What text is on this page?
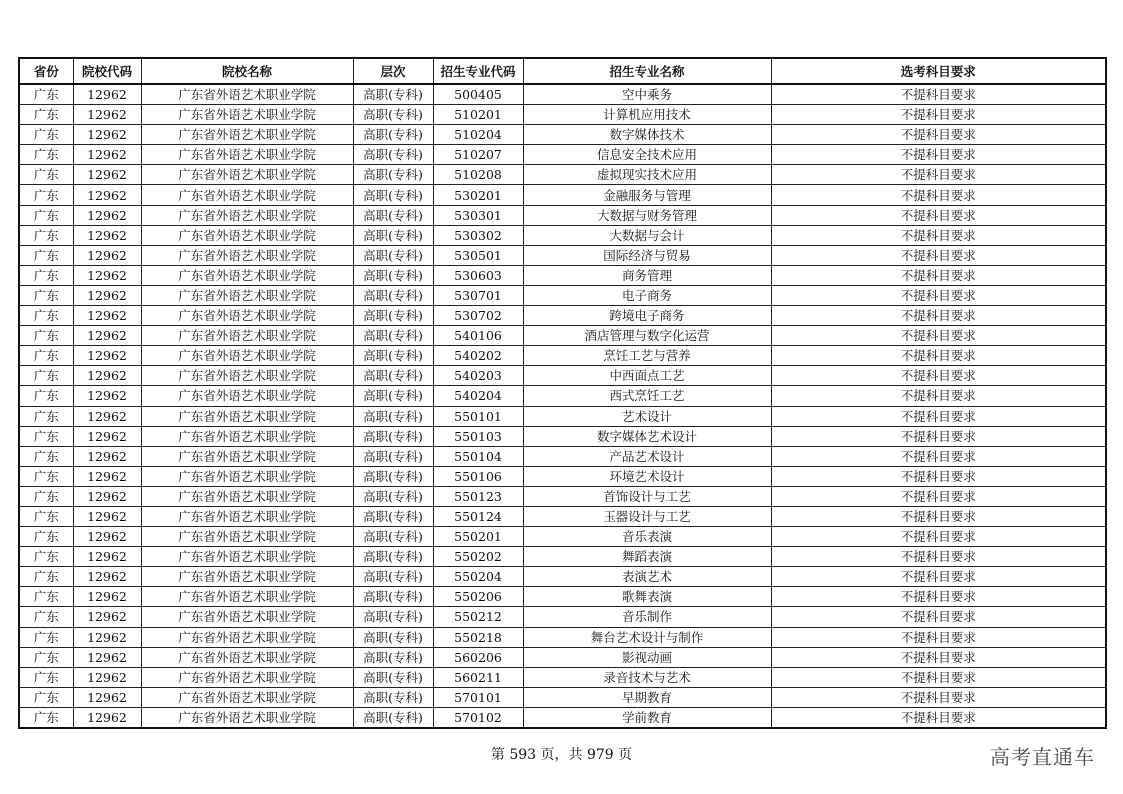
省份	院校代码	院校名称	层次	招生专业代码	招生专业名称	选考科目要求
广东	12962	广东省外语艺术职业学院	高职(专科)	500405	空中乘务	不提科目要求
广东	12962	广东省外语艺术职业学院	高职(专科)	510201	计算机应用技术	不提科目要求
广东	12962	广东省外语艺术职业学院	高职(专科)	510204	数字媒体技术	不提科目要求
广东	12962	广东省外语艺术职业学院	高职(专科)	510207	信息安全技术应用	不提科目要求
广东	12962	广东省外语艺术职业学院	高职(专科)	510208	虚拟现实技术应用	不提科目要求
广东	12962	广东省外语艺术职业学院	高职(专科)	530201	金融服务与管理	不提科目要求
广东	12962	广东省外语艺术职业学院	高职(专科)	530301	大数据与财务管理	不提科目要求
广东	12962	广东省外语艺术职业学院	高职(专科)	530302	大数据与会计	不提科目要求
广东	12962	广东省外语艺术职业学院	高职(专科)	530501	国际经济与贸易	不提科目要求
广东	12962	广东省外语艺术职业学院	高职(专科)	530603	商务管理	不提科目要求
广东	12962	广东省外语艺术职业学院	高职(专科)	530701	电子商务	不提科目要求
广东	12962	广东省外语艺术职业学院	高职(专科)	530702	跨境电子商务	不提科目要求
广东	12962	广东省外语艺术职业学院	高职(专科)	540106	酒店管理与数字化运营	不提科目要求
广东	12962	广东省外语艺术职业学院	高职(专科)	540202	烹饪工艺与营养	不提科目要求
广东	12962	广东省外语艺术职业学院	高职(专科)	540203	中西面点工艺	不提科目要求
广东	12962	广东省外语艺术职业学院	高职(专科)	540204	西式烹饪工艺	不提科目要求
广东	12962	广东省外语艺术职业学院	高职(专科)	550101	艺术设计	不提科目要求
广东	12962	广东省外语艺术职业学院	高职(专科)	550103	数字媒体艺术设计	不提科目要求
广东	12962	广东省外语艺术职业学院	高职(专科)	550104	产品艺术设计	不提科目要求
广东	12962	广东省外语艺术职业学院	高职(专科)	550106	环境艺术设计	不提科目要求
广东	12962	广东省外语艺术职业学院	高职(专科)	550123	首饰设计与工艺	不提科目要求
广东	12962	广东省外语艺术职业学院	高职(专科)	550124	玉器设计与工艺	不提科目要求
广东	12962	广东省外语艺术职业学院	高职(专科)	550201	音乐表演	不提科目要求
广东	12962	广东省外语艺术职业学院	高职(专科)	550202	舞蹈表演	不提科目要求
广东	12962	广东省外语艺术职业学院	高职(专科)	550204	表演艺术	不提科目要求
广东	12962	广东省外语艺术职业学院	高职(专科)	550206	歌舞表演	不提科目要求
广东	12962	广东省外语艺术职业学院	高职(专科)	550212	音乐制作	不提科目要求
广东	12962	广东省外语艺术职业学院	高职(专科)	550218	舞台艺术设计与制作	不提科目要求
广东	12962	广东省外语艺术职业学院	高职(专科)	560206	影视动画	不提科目要求
广东	12962	广东省外语艺术职业学院	高职(专科)	560211	录音技术与艺术	不提科目要求
广东	12962	广东省外语艺术职业学院	高职(专科)	570101	早期教育	不提科目要求
广东	12962	广东省外语艺术职业学院	高职(专科)	570102	学前教育	不提科目要求
第 593 页，共 979 页	高考直通车
